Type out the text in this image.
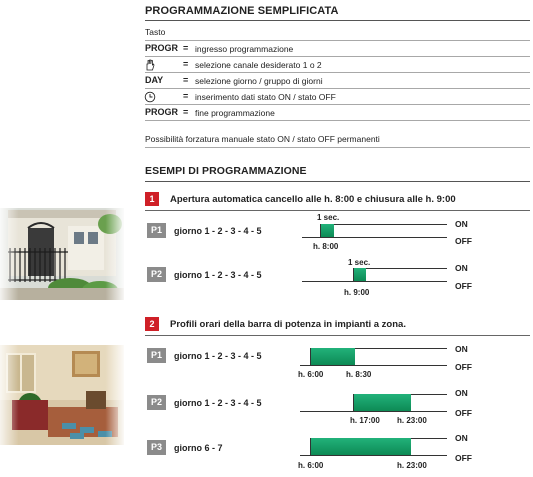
PROGRAMMAZIONE SEMPLIFICATA
Tasto
PROGR = ingresso programmazione
= selezione canale desiderato 1 o 2
DAY = selezione giorno / gruppo di giorni
= inserimento dati stato ON / stato OFF
PROGR = fine programmazione
Possibilità forzatura manuale stato ON / stato OFF permanenti
ESEMPI DI PROGRAMMAZIONE
1	Apertura automatica cancello alle h. 8:00 e chiusura alle h. 9:00
P1	giorno 1 - 2 - 3 - 4 - 5
1 sec.
ON
OFF
h. 8:00
P2	giorno 1 - 2 - 3 - 4 - 5
1 sec.
ON
OFF
h. 9:00
2	Profili orari della barra di potenza in impianti a zona.
P1	giorno 1 - 2 - 3 - 4 - 5
ON
OFF
h. 6:00	h. 8:30
P2	giorno 1 - 2 - 3 - 4 - 5
ON
OFF
h. 17:00 h. 23:00
P3	giorno 6 - 7
ON
OFF
h. 6:00	h. 23:00
